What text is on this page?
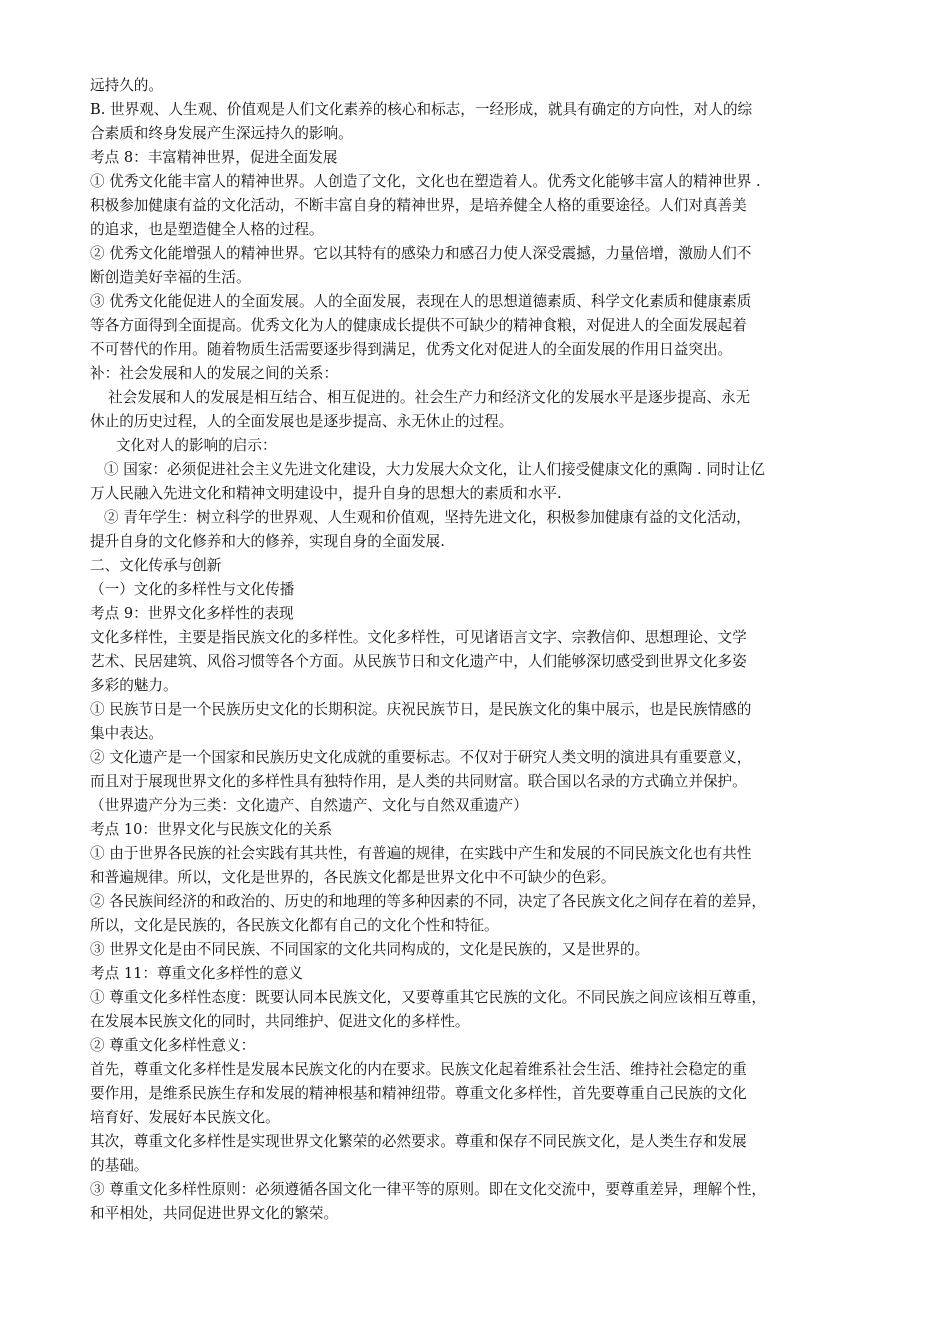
远持久的。
B. 世界观、人生观、价值观是人们文化素养的核心和标志，一经形成，就具有确定的方向性，对人的综
合素质和终身发展产生深远持久的影响。
考点 8：丰富精神世界，促进全面发展
① 优秀文化能丰富人的精神世界。人创造了文化，文化也在塑造着人。优秀文化能够丰富人的精神世界 .
积极参加健康有益的文化活动，不断丰富自身的精神世界，是培养健全人格的重要途径。人们对真善美
的追求，也是塑造健全人格的过程。
② 优秀文化能增强人的精神世界。它以其特有的感染力和感召力使人深受震撼，力量倍增，激励人们不
断创造美好幸福的生活。
③ 优秀文化能促进人的全面发展。人的全面发展，表现在人的思想道德素质、科学文化素质和健康素质
等各方面得到全面提高。优秀文化为人的健康成长提供不可缺少的精神食粮，对促进人的全面发展起着
不可替代的作用。随着物质生活需要逐步得到满足，优秀文化对促进人的全面发展的作用日益突出。
补：社会发展和人的发展之间的关系：
社会发展和人的发展是相互结合、相互促进的。社会生产力和经济文化的发展水平是逐步提高、永无
休止的历史过程，人的全面发展也是逐步提高、永无休止的过程。
文化对人的影响的启示：
① 国家：必须促进社会主义先进文化建设，大力发展大众文化，让人们接受健康文化的熏陶 . 同时让亿
万人民融入先进文化和精神文明建设中，提升自身的思想大的素质和水平.
② 青年学生：树立科学的世界观、人生观和价值观，坚持先进文化，积极参加健康有益的文化活动，
提升自身的文化修养和大的修养，实现自身的全面发展.
二、文化传承与创新
（一）文化的多样性与文化传播
考点 9：世界文化多样性的表现
文化多样性，主要是指民族文化的多样性。文化多样性，可见诸语言文字、宗教信仰、思想理论、文学
艺术、民居建筑、风俗习惯等各个方面。从民族节日和文化遗产中，人们能够深切感受到世界文化多姿
多彩的魅力。
① 民族节日是一个民族历史文化的长期积淀。庆祝民族节日，是民族文化的集中展示，也是民族情感的
集中表达。
② 文化遗产是一个国家和民族历史文化成就的重要标志。不仅对于研究人类文明的演进具有重要意义，
而且对于展现世界文化的多样性具有独特作用，是人类的共同财富。联合国以名录的方式确立并保护。
（世界遗产分为三类：文化遗产、自然遗产、文化与自然双重遗产）
考点 10：世界文化与民族文化的关系
① 由于世界各民族的社会实践有其共性，有普遍的规律，在实践中产生和发展的不同民族文化也有共性
和普遍规律。所以，文化是世界的，各民族文化都是世界文化中不可缺少的色彩。
② 各民族间经济的和政治的、历史的和地理的等多种因素的不同，决定了各民族文化之间存在着的差异，
所以，文化是民族的，各民族文化都有自己的文化个性和特征。
③ 世界文化是由不同民族、不同国家的文化共同构成的，文化是民族的，又是世界的。
考点 11：尊重文化多样性的意义
① 尊重文化多样性态度：既要认同本民族文化，又要尊重其它民族的文化。不同民族之间应该相互尊重，
在发展本民族文化的同时，共同维护、促进文化的多样性。
② 尊重文化多样性意义：
首先，尊重文化多样性是发展本民族文化的内在要求。民族文化起着维系社会生活、维持社会稳定的重
要作用，是维系民族生存和发展的精神根基和精神纽带。尊重文化多样性，首先要尊重自己民族的文化
培育好、发展好本民族文化。
其次，尊重文化多样性是实现世界文化繁荣的必然要求。尊重和保存不同民族文化，是人类生存和发展
的基础。
③ 尊重文化多样性原则：必须遵循各国文化一律平等的原则。即在文化交流中，要尊重差异，理解个性，
和平相处，共同促进世界文化的繁荣。
